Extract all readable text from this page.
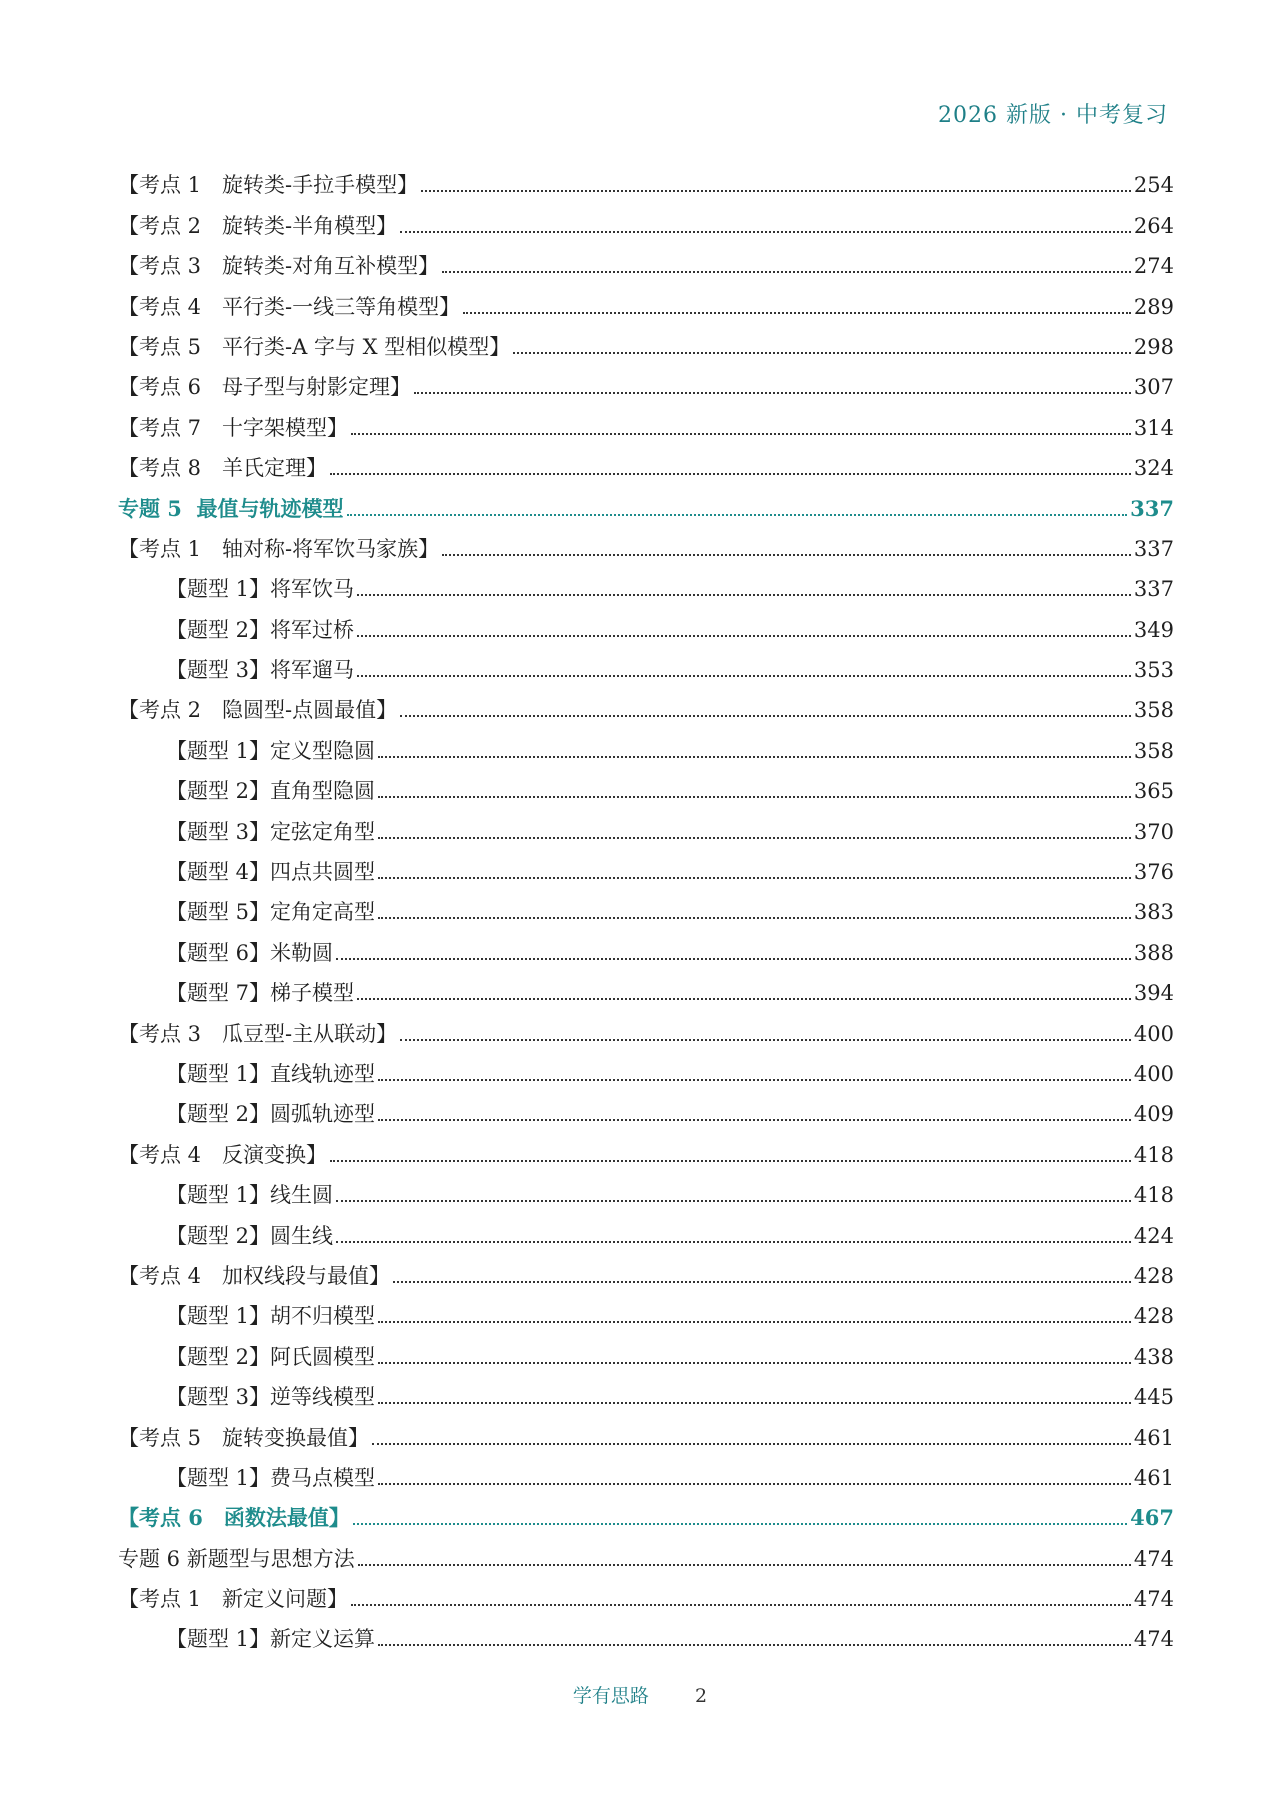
2026 新版 · 中考复习
【考点 1　旋转类-手拉手模型】	254
【考点 2　旋转类-半角模型】	264
【考点 3　旋转类-对角互补模型】	274
【考点 4　平行类-一线三等角模型】	289
【考点 5　平行类-A 字与 X 型相似模型】	298
【考点 6　母子型与射影定理】	307
【考点 7　十字架模型】	314
【考点 8　羊氏定理】	324
专题 5  最值与轨迹模型	337
【考点 1　轴对称-将军饮马家族】	337
【题型 1】将军饮马	337
【题型 2】将军过桥	349
【题型 3】将军遛马	353
【考点 2　隐圆型-点圆最值】	358
【题型 1】定义型隐圆	358
【题型 2】直角型隐圆	365
【题型 3】定弦定角型	370
【题型 4】四点共圆型	376
【题型 5】定角定高型	383
【题型 6】米勒圆	388
【题型 7】梯子模型	394
【考点 3　瓜豆型-主从联动】	400
【题型 1】直线轨迹型	400
【题型 2】圆弧轨迹型	409
【考点 4　反演变换】	418
【题型 1】线生圆	418
【题型 2】圆生线	424
【考点 4　加权线段与最值】	428
【题型 1】胡不归模型	428
【题型 2】阿氏圆模型	438
【题型 3】逆等线模型	445
【考点 5　旋转变换最值】	461
【题型 1】费马点模型	461
【考点 6　函数法最值】	467
专题 6 新题型与思想方法	474
【考点 1　新定义问题】	474
【题型 1】新定义运算	474
学有思路 2
